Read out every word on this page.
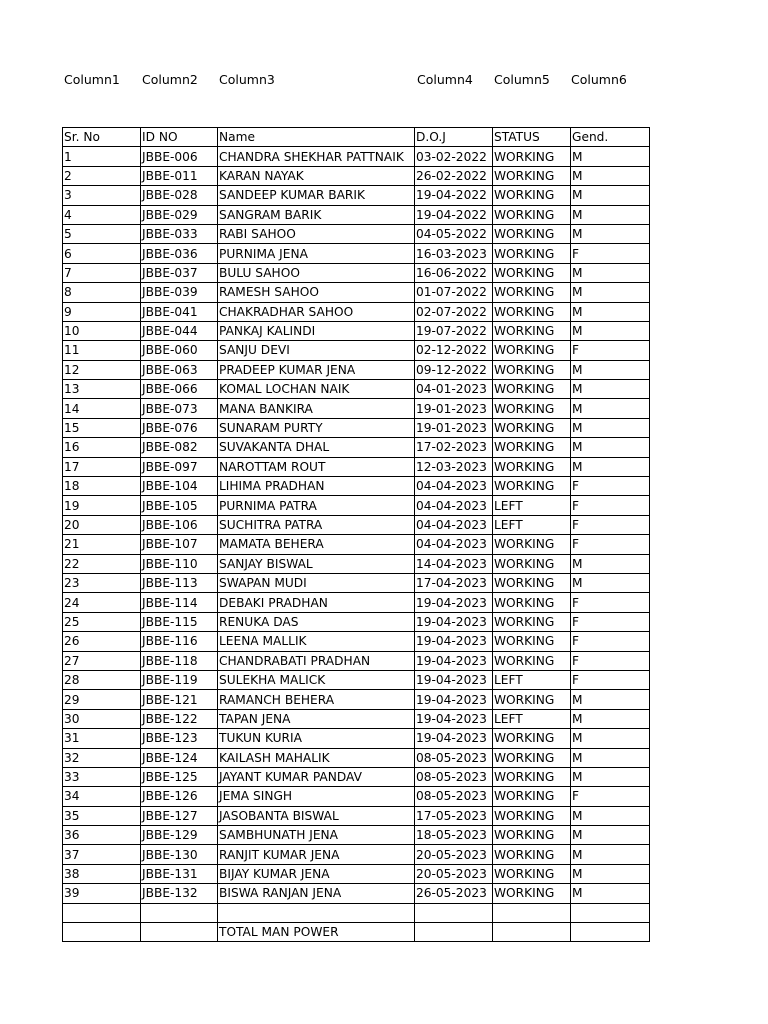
Column1 Column2 Column3	Column4 Column5 Column6
Sr. No	ID NO	Name	D.O.J	STATUS	Gend.
1	JBBE-006	CHANDRA SHEKHAR PATTNAIK	03-02-2022	WORKING	M
2	JBBE-011	KARAN NAYAK	26-02-2022	WORKING	M
3	JBBE-028	SANDEEP KUMAR BARIK	19-04-2022	WORKING	M
4	JBBE-029	SANGRAM BARIK	19-04-2022	WORKING	M
5	JBBE-033	RABI SAHOO	04-05-2022	WORKING	M
6	JBBE-036	PURNIMA JENA	16-03-2023	WORKING	F
7	JBBE-037	BULU SAHOO	16-06-2022	WORKING	M
8	JBBE-039	RAMESH SAHOO	01-07-2022	WORKING	M
9	JBBE-041	CHAKRADHAR SAHOO	02-07-2022	WORKING	M
10	JBBE-044	PANKAJ KALINDI	19-07-2022	WORKING	M
11	JBBE-060	SANJU DEVI	02-12-2022	WORKING	F
12	JBBE-063	PRADEEP KUMAR JENA	09-12-2022	WORKING	M
13	JBBE-066	KOMAL LOCHAN NAIK	04-01-2023	WORKING	M
14	JBBE-073	MANA BANKIRA	19-01-2023	WORKING	M
15	JBBE-076	SUNARAM PURTY	19-01-2023	WORKING	M
16	JBBE-082	SUVAKANTA DHAL	17-02-2023	WORKING	M
17	JBBE-097	NAROTTAM ROUT	12-03-2023	WORKING	M
18	JBBE-104	LIHIMA PRADHAN	04-04-2023	WORKING	F
19	JBBE-105	PURNIMA PATRA	04-04-2023	LEFT	F
20	JBBE-106	SUCHITRA PATRA	04-04-2023	LEFT	F
21	JBBE-107	MAMATA BEHERA	04-04-2023	WORKING	F
22	JBBE-110	SANJAY BISWAL	14-04-2023	WORKING	M
23	JBBE-113	SWAPAN MUDI	17-04-2023	WORKING	M
24	JBBE-114	DEBAKI PRADHAN	19-04-2023	WORKING	F
25	JBBE-115	RENUKA DAS	19-04-2023	WORKING	F
26	JBBE-116	LEENA MALLIK	19-04-2023	WORKING	F
27	JBBE-118	CHANDRABATI PRADHAN	19-04-2023	WORKING	F
28	JBBE-119	SULEKHA MALICK	19-04-2023	LEFT	F
29	JBBE-121	RAMANCH BEHERA	19-04-2023	WORKING	M
30	JBBE-122	TAPAN JENA	19-04-2023	LEFT	M
31	JBBE-123	TUKUN KURIA	19-04-2023	WORKING	M
32	JBBE-124	KAILASH MAHALIK	08-05-2023	WORKING	M
33	JBBE-125	JAYANT KUMAR PANDAV	08-05-2023	WORKING	M
34	JBBE-126	JEMA SINGH	08-05-2023	WORKING	F
35	JBBE-127	JASOBANTA BISWAL	17-05-2023	WORKING	M
36	JBBE-129	SAMBHUNATH JENA	18-05-2023	WORKING	M
37	JBBE-130	RANJIT KUMAR JENA	20-05-2023	WORKING	M
38	JBBE-131	BIJAY KUMAR JENA	20-05-2023	WORKING	M
39	JBBE-132	BISWA RANJAN JENA	26-05-2023	WORKING	M

		TOTAL MAN POWER			
